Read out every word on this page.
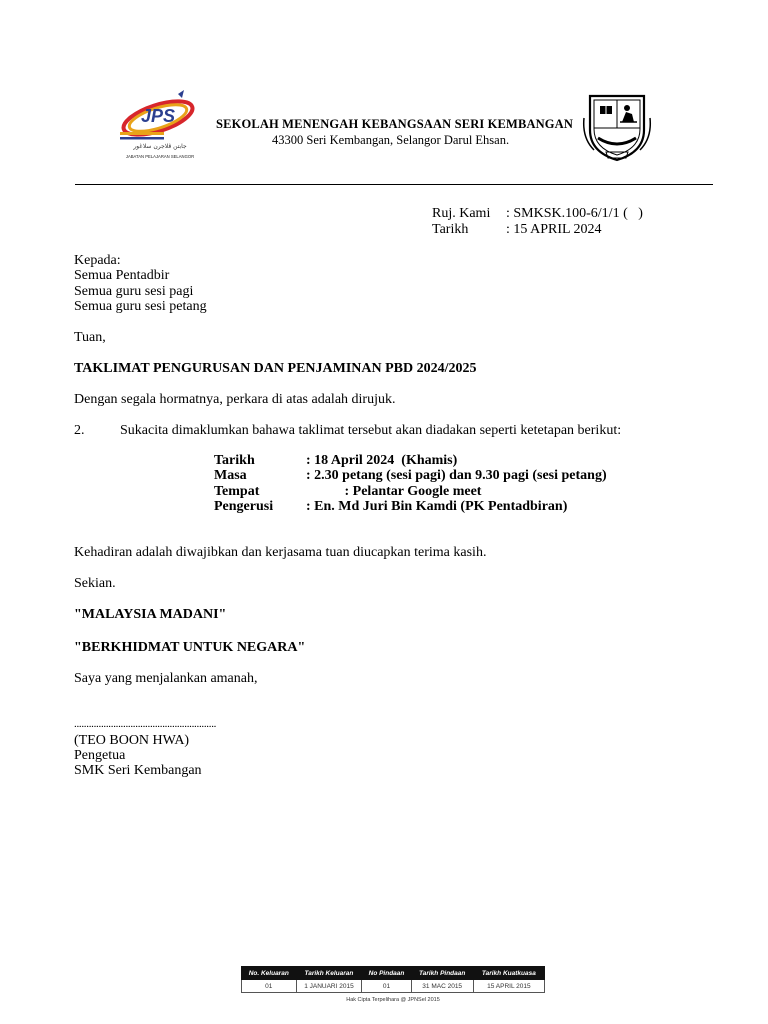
JPS
جابتن ڤلاجرن سلاڠور
JABATAN PELAJARAN SELANGOR
SEKOLAH MENENGAH KEBANGSAAN SERI KEMBANGAN
43300 Seri Kembangan, Selangor Darul Ehsan.
Ruj. Kami : SMKSK.100-6/1/1 (   )
Tarikh	: 15 APRIL 2024
Kepada:
Semua Pentadbir
Semua guru sesi pagi
Semua guru sesi petang
Tuan,
TAKLIMAT PENGURUSAN DAN PENJAMINAN PBD 2024/2025
Dengan segala hormatnya, perkara di atas adalah dirujuk.
2.	Sukacita dimaklumkan bahawa taklimat tersebut akan diadakan seperti ketetapan berikut:
Tarikh	: 18 April 2024  (Khamis)
Masa	: 2.30 petang (sesi pagi) dan 9.30 pagi (sesi petang)
Tempat	: Pelantar Google meet
Pengerusi : En. Md Juri Bin Kamdi (PK Pentadbiran)
Kehadiran adalah diwajibkan dan kerjasama tuan diucapkan terima kasih.
Sekian.
"MALAYSIA MADANI"
"BERKHIDMAT UNTUK NEGARA"
Saya yang menjalankan amanah,
..........................................................
(TEO BOON HWA)
Pengetua
SMK Seri Kembangan
No. Keluaran	Tarikh Keluaran	No Pindaan	Tarikh Pindaan	Tarikh Kuatkuasa
01	1 JANUARI 2015	01	31 MAC 2015	15 APRIL 2015
Hak Cipta Terpelihara @ JPNSel 2015
